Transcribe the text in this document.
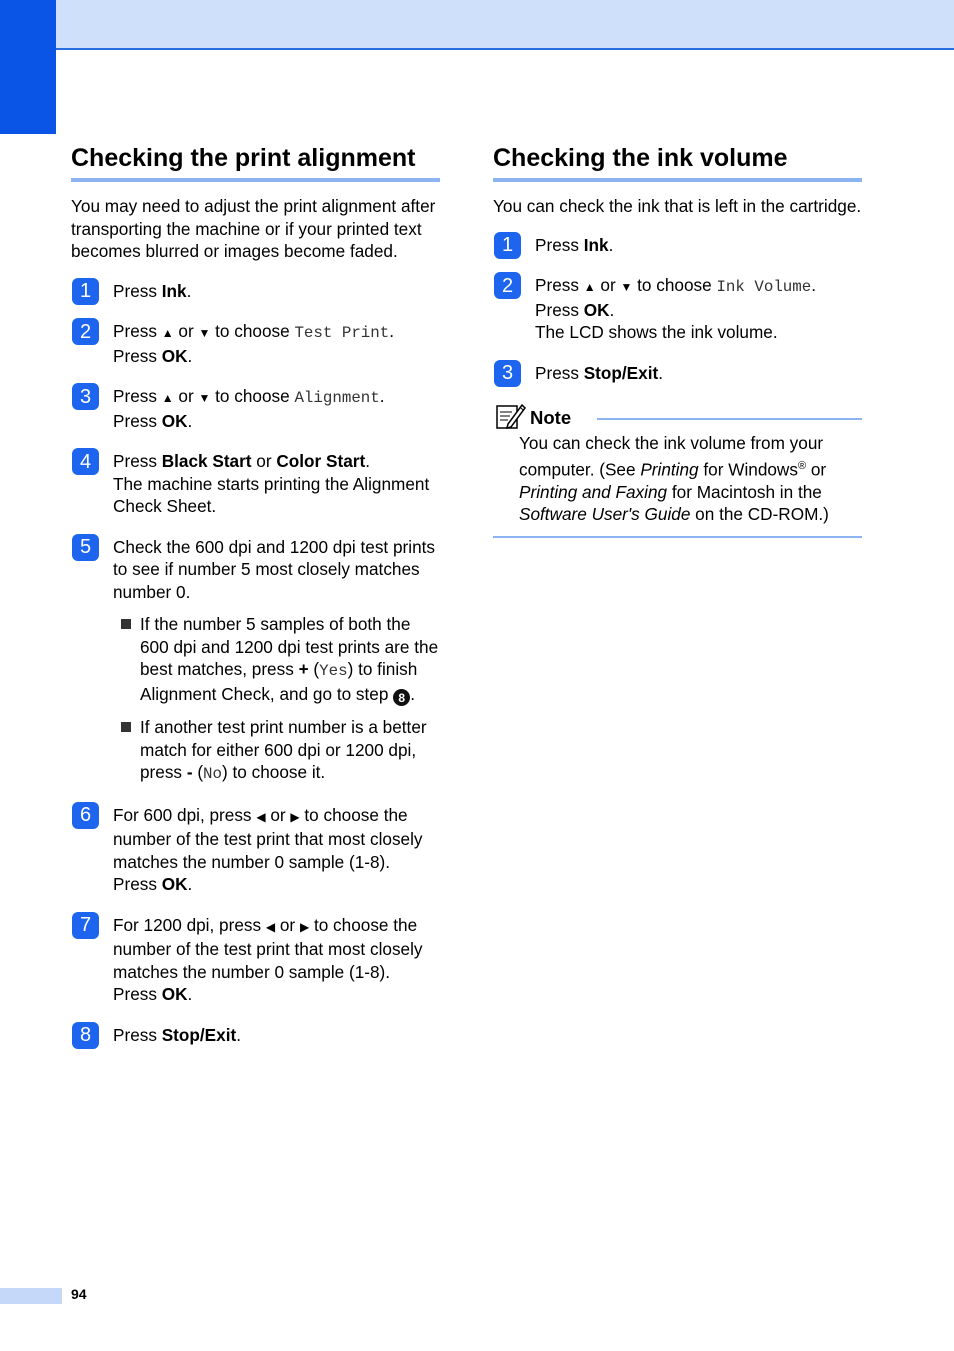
Checking the print alignment

You may need to adjust the print alignment after transporting the machine or if your printed text becomes blurred or images become faded.

1	Press Ink.
2	Press ▲ or ▼ to choose Test Print.
Press OK.
3	Press ▲ or ▼ to choose Alignment.
Press OK.
4	Press Black Start or Color Start.
The machine starts printing the Alignment Check Sheet.
5	Check the 600 dpi and 1200 dpi test prints to see if number 5 most closely matches number 0.
If the number 5 samples of both the 600 dpi and 1200 dpi test prints are the best matches, press + (Yes) to finish Alignment Check, and go to step 8 .
If another test print number is a better match for either 600 dpi or 1200 dpi, press - (No) to choose it.
6	For 600 dpi, press ◀ or ▶ to choose the number of the test print that most closely matches the number 0 sample (1-8).
Press OK.
7	For 1200 dpi, press ◀ or ▶ to choose the number of the test print that most closely matches the number 0 sample (1-8).
Press OK.
8	Press Stop/Exit.
Checking the ink volume

You can check the ink that is left in the cartridge.

1	Press Ink.
2	Press ▲ or ▼ to choose Ink Volume.
Press OK.
The LCD shows the ink volume.
3	Press Stop/Exit.
Note
You can check the ink volume from your computer. (See Printing for Windows® or Printing and Faxing for Macintosh in the Software User's Guide on the CD-ROM.)
94
